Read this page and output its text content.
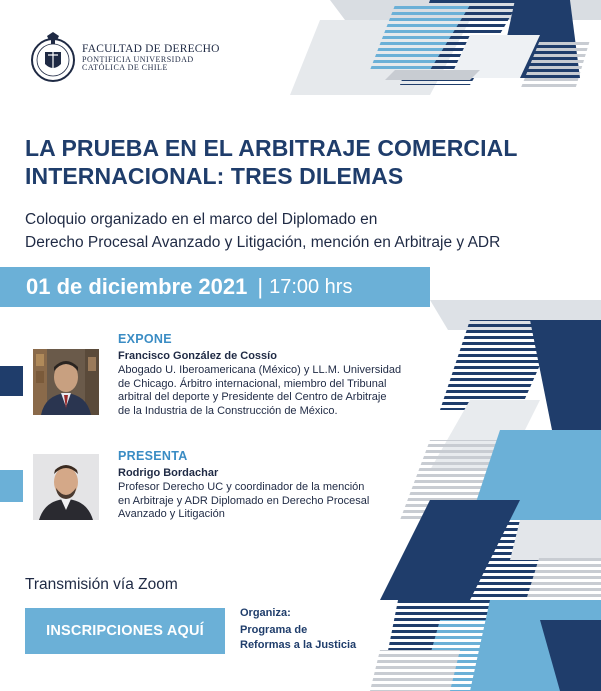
FACULTAD DE DERECHO
PONTIFICIA UNIVERSIDAD
CATÓLICA DE CHILE
LA PRUEBA EN EL ARBITRAJE COMERCIAL
INTERNACIONAL: TRES DILEMAS
Coloquio organizado en el marco del Diplomado en
Derecho Procesal Avanzado y Litigación, mención en Arbitraje y ADR
01 de diciembre 2021 | 17:00 hrs
EXPONE
Francisco González de Cossío
Abogado U. Iberoamericana (México) y LL.M. Universidad
de Chicago. Árbitro internacional, miembro del Tribunal
arbitral del deporte y Presidente del Centro de Arbitraje
de la Industria de la Construcción de México.
PRESENTA
Rodrigo Bordachar
Profesor Derecho UC y coordinador de la mención
en Arbitraje y ADR Diplomado en Derecho Procesal
Avanzado y Litigación
Transmisión vía Zoom
INSCRIPCIONES AQUÍ
Organiza:
Programa de
Reformas a la Justicia
